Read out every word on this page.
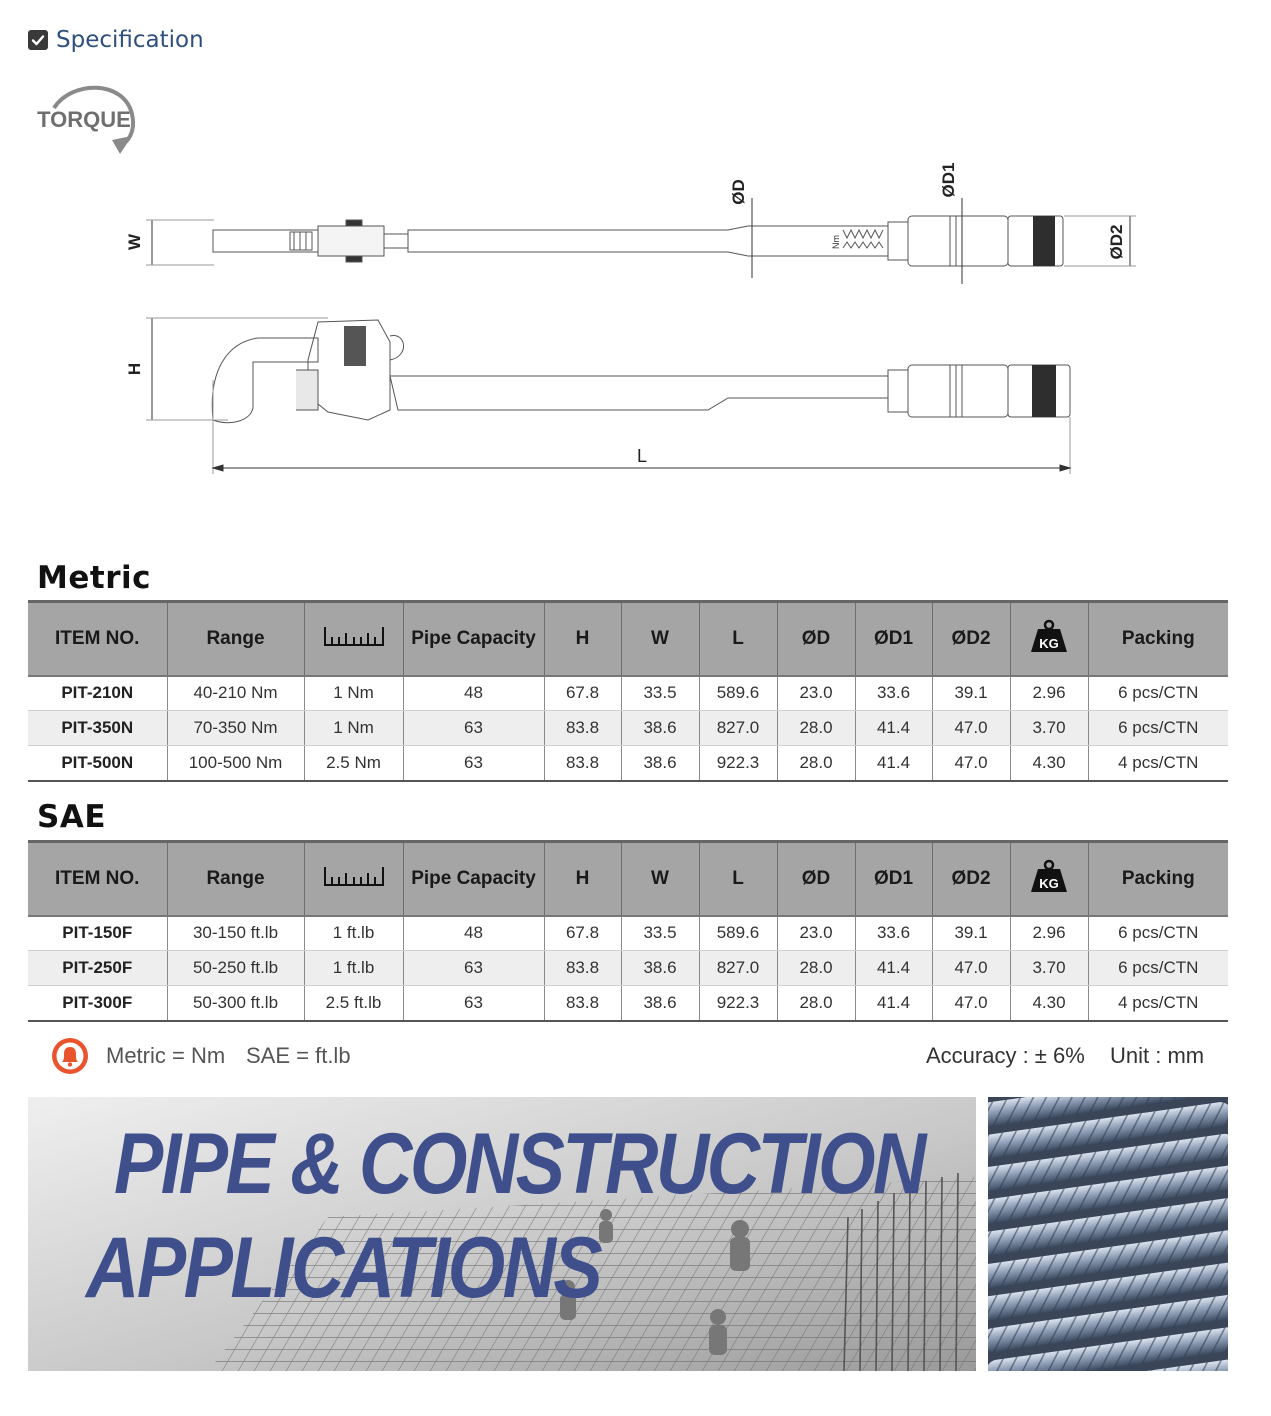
Specification
TORQUE
Nm
W
ØD	ØD1
ØD2
H
L
Metric
ITEM NO.	Range		Pipe Capacity	H	W	L	ØD	ØD1	ØD2	KG	Packing
PIT-210N	40-210 Nm	1 Nm	48	67.8	33.5	589.6	23.0	33.6	39.1	2.96	6 pcs/CTN
PIT-350N	70-350 Nm	1 Nm	63	83.8	38.6	827.0	28.0	41.4	47.0	3.70	6 pcs/CTN
PIT-500N	100-500 Nm	2.5 Nm	63	83.8	38.6	922.3	28.0	41.4	47.0	4.30	4 pcs/CTN
SAE
ITEM NO.	Range		Pipe Capacity	H	W	L	ØD	ØD1	ØD2	KG	Packing
PIT-150F	30-150 ft.lb	1 ft.lb	48	67.8	33.5	589.6	23.0	33.6	39.1	2.96	6 pcs/CTN
PIT-250F	50-250 ft.lb	1 ft.lb	63	83.8	38.6	827.0	28.0	41.4	47.0	3.70	6 pcs/CTN
PIT-300F	50-300 ft.lb	2.5 ft.lb	63	83.8	38.6	922.3	28.0	41.4	47.0	4.30	4 pcs/CTN
Metric = Nm SAE = ft.lb	Accuracy : ± 6% Unit : mm
PIPE & CONSTRUCTION
APPLICATIONS
